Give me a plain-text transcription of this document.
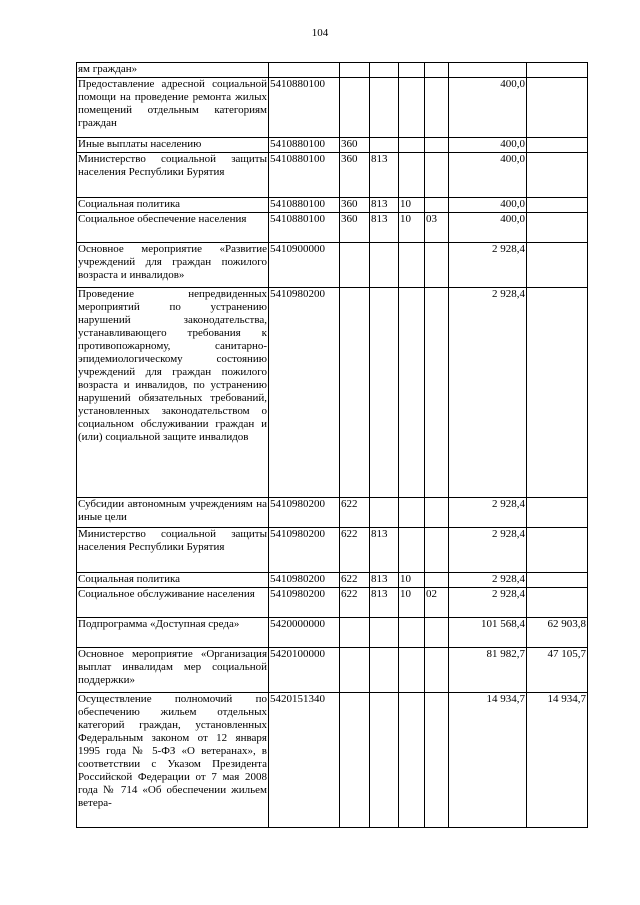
104
ям граждан»							
Предоставление адресной социальной помощи на проведение ремонта жилых помещений отдельным категориям граждан	5410880100					400,0	
Иные выплаты населению	5410880100	360				400,0	
Министерство социальной защиты населения Республики Бурятия	5410880100	360	813			400,0	
Социальная политика	5410880100	360	813	10		400,0	
Социальное обеспечение населения	5410880100	360	813	10	03	400,0	
Основное мероприятие «Развитие учреждений для граждан пожилого возраста и инвалидов»	5410900000					2 928,4	
Проведение непредвиденных мероприятий по устранению нарушений законодательства, устанавливающего требования к противопожарному, санитарно-эпидемиологическому состоянию учреждений для граждан пожилого возраста и инвалидов, по устранению нарушений обязательных требований, установленных законодательством о социальном обслуживании граждан и (или) социальной защите инвалидов	5410980200					2 928,4	
Субсидии автономным учреждениям на иные цели	5410980200	622				2 928,4	
Министерство социальной защиты населения Республики Бурятия	5410980200	622	813			2 928,4	
Социальная политика	5410980200	622	813	10		2 928,4	
Социальное обслуживание населения	5410980200	622	813	10	02	2 928,4	
Подпрограмма «Доступная среда»	5420000000					101 568,4	62 903,8
Основное мероприятие «Организация выплат инвалидам мер социальной поддержки»	5420100000					81 982,7	47 105,7
Осуществление полномочий по обеспечению жильем отдельных категорий граждан, установленных Федеральным законом от 12 января 1995 года № 5-ФЗ «О ветеранах», в соответствии с Указом Президента Российской Федерации от 7 мая 2008 года № 714 «Об обеспечении жильем ветера-	5420151340					14 934,7	14 934,7
